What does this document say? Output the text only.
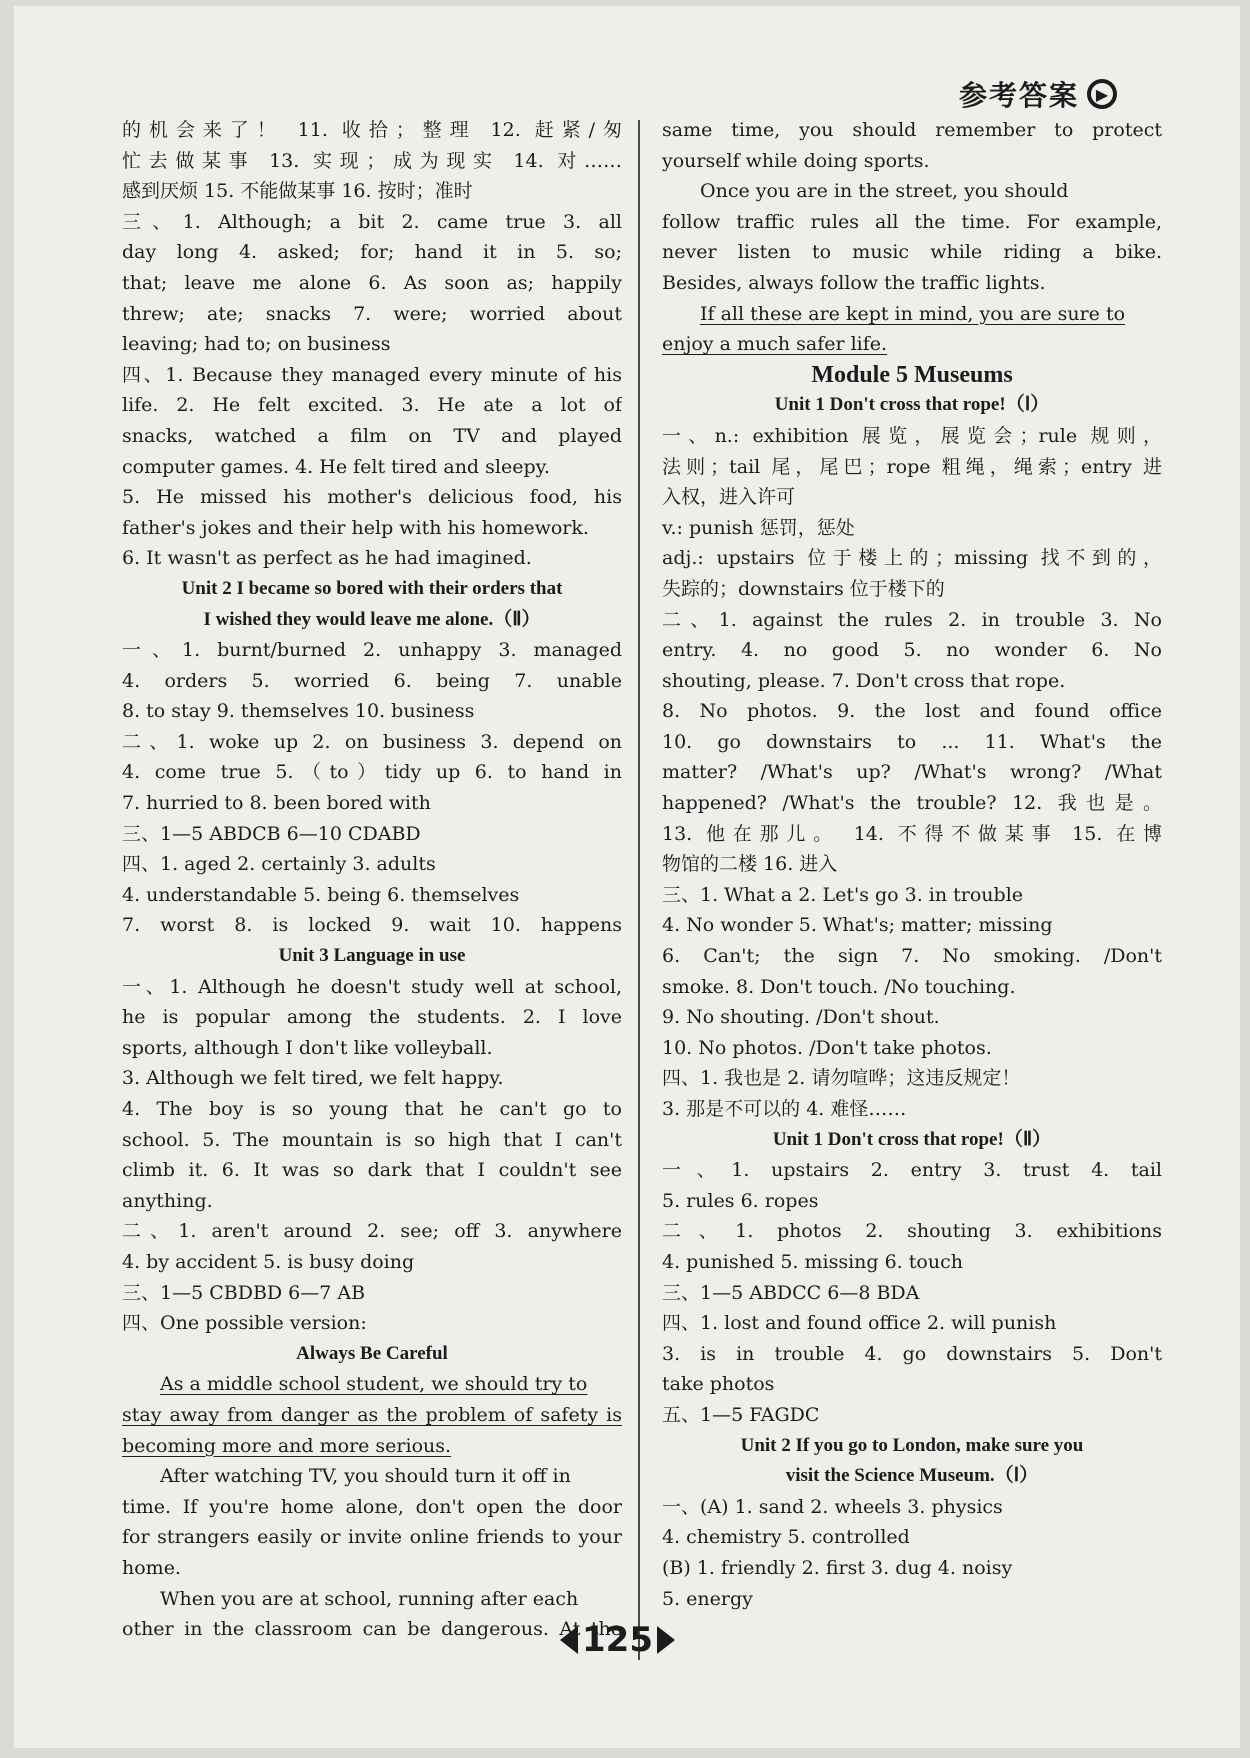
参考答案	▶
的机会来了！ 11. 收拾；整理 12. 赶紧/匆
忙去做某事 13. 实现；成为现实 14. 对……
感到厌烦 15. 不能做某事 16. 按时；准时
三、1. Although; a bit 2. came true 3. all
day long 4. asked; for; hand it in 5. so;
that; leave me alone 6. As soon as; happily
threw; ate; snacks 7. were; worried about
leaving; had to; on business
四、1. Because they managed every minute of his
life. 2. He felt excited. 3. He ate a lot of
snacks, watched a film on TV and played
computer games. 4. He felt tired and sleepy.
5. He missed his mother's delicious food, his
father's jokes and their help with his homework.
6. It wasn't as perfect as he had imagined.
Unit 2 I became so bored with their orders that
I wished they would leave me alone.（Ⅱ）
一、1. burnt/burned 2. unhappy 3. managed
4. orders 5. worried 6. being 7. unable
8. to stay 9. themselves 10. business
二、1. woke up 2. on business 3. depend on
4. come true 5.（to）tidy up 6. to hand in
7. hurried to 8. been bored with
三、1—5 ABDCB 6—10 CDABD
四、1. aged 2. certainly 3. adults
4. understandable 5. being 6. themselves
7. worst 8. is locked 9. wait 10. happens
Unit 3 Language in use
一、1. Although he doesn't study well at school,
he is popular among the students. 2. I love
sports, although I don't like volleyball.
3. Although we felt tired, we felt happy.
4. The boy is so young that he can't go to
school. 5. The mountain is so high that I can't
climb it. 6. It was so dark that I couldn't see
anything.
二、1. aren't around 2. see; off 3. anywhere
4. by accident 5. is busy doing
三、1—5 CBDBD 6—7 AB
四、One possible version:
Always Be Careful
As a middle school student, we should try to
stay away from danger as the problem of safety is
becoming more and more serious.
After watching TV, you should turn it off in
time. If you're home alone, don't open the door
for strangers easily or invite online friends to your
home.
When you are at school, running after each
other in the classroom can be dangerous. At the
same time, you should remember to protect
yourself while doing sports.
Once you are in the street, you should
follow traffic rules all the time. For example,
never listen to music while riding a bike.
Besides, always follow the traffic lights.
If all these are kept in mind, you are sure to
enjoy a much safer life.
Module 5 Museums
Unit 1 Don't cross that rope!（Ⅰ）
一、n.: exhibition 展览，展览会；rule 规则，
法则；tail 尾，尾巴；rope 粗绳，绳索；entry 进
入权，进入许可
v.: punish 惩罚，惩处
adj.: upstairs 位于楼上的；missing 找不到的，
失踪的；downstairs 位于楼下的
二、1. against the rules 2. in trouble 3. No
entry. 4. no good 5. no wonder 6. No
shouting, please. 7. Don't cross that rope.
8. No photos. 9. the lost and found office
10. go downstairs to ... 11. What's the
matter? /What's up? /What's wrong? /What
happened? /What's the trouble? 12. 我也是。
13. 他在那儿。 14. 不得不做某事 15. 在博
物馆的二楼 16. 进入
三、1. What a 2. Let's go 3. in trouble
4. No wonder 5. What's; matter; missing
6. Can't; the sign 7. No smoking. /Don't
smoke. 8. Don't touch. /No touching.
9. No shouting. /Don't shout.
10. No photos. /Don't take photos.
四、1. 我也是 2. 请勿喧哗；这违反规定！
3. 那是不可以的 4. 难怪……
Unit 1 Don't cross that rope!（Ⅱ）
一、1. upstairs 2. entry 3. trust 4. tail
5. rules 6. ropes
二、1. photos 2. shouting 3. exhibitions
4. punished 5. missing 6. touch
三、1—5 ABDCC 6—8 BDA
四、1. lost and found office 2. will punish
3. is in trouble 4. go downstairs 5. Don't
take photos
五、1—5 FAGDC
Unit 2 If you go to London, make sure you
visit the Science Museum.（Ⅰ）
一、(A) 1. sand 2. wheels 3. physics
4. chemistry 5. controlled
(B) 1. friendly 2. first 3. dug 4. noisy
5. energy
125
